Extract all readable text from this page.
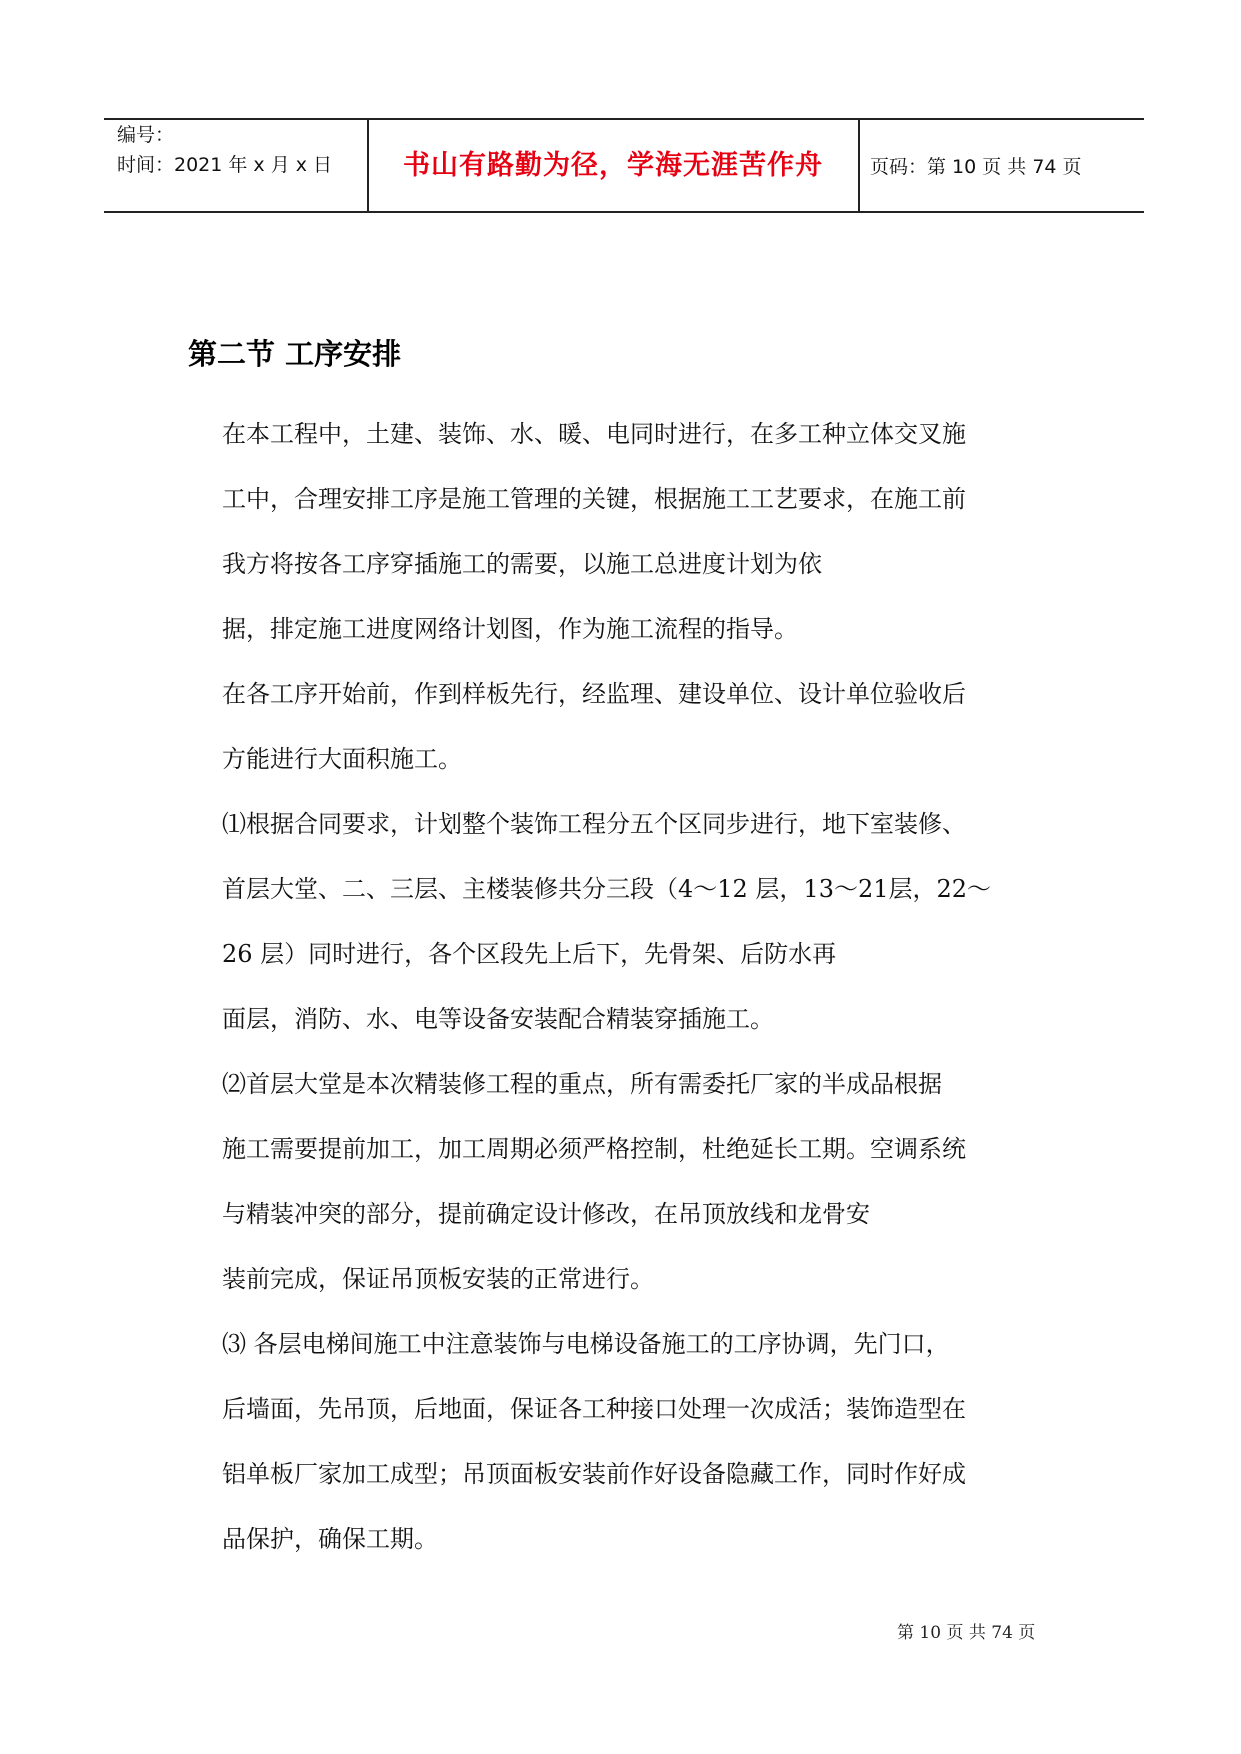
编号：
时间：2021 年 x 月 x 日	书山有路勤为径，学海无涯苦作舟	页码：第 10 页 共 74 页
第二节 工序安排
在本工程中，土建、装饰、水、暖、电同时进行，在多工种立体交叉施
工中，合理安排工序是施工管理的关键，根据施工工艺要求，在施工前
我方将按各工序穿插施工的需要，以施工总进度计划为依
据，排定施工进度网络计划图，作为施工流程的指导。
在各工序开始前，作到样板先行，经监理、建设单位、设计单位验收后
方能进行大面积施工。
⑴根据合同要求，计划整个装饰工程分五个区同步进行，地下室装修、
首层大堂、二、三层、主楼装修共分三段（4～12 层，13～21层，22～
26 层）同时进行，各个区段先上后下，先骨架、后防水再
面层，消防、水、电等设备安装配合精装穿插施工。
⑵首层大堂是本次精装修工程的重点，所有需委托厂家的半成品根据
施工需要提前加工，加工周期必须严格控制，杜绝延长工期。空调系统
与精装冲突的部分，提前确定设计修改，在吊顶放线和龙骨安
装前完成，保证吊顶板安装的正常进行。
⑶ 各层电梯间施工中注意装饰与电梯设备施工的工序协调，先门口，
后墙面，先吊顶，后地面，保证各工种接口处理一次成活；装饰造型在
铝单板厂家加工成型；吊顶面板安装前作好设备隐藏工作，同时作好成
品保护，确保工期。
第 10 页 共 74 页
